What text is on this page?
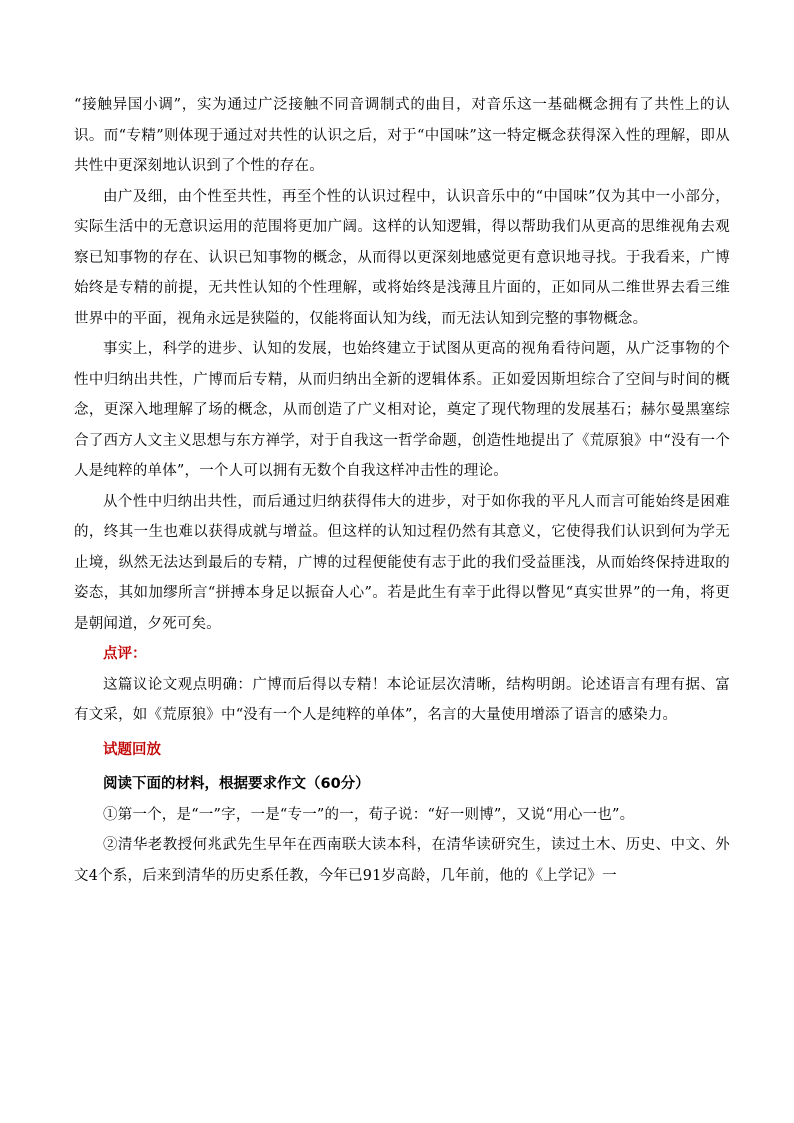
“接触异国小调”，实为通过广泛接触不同音调制式的曲目，对音乐这一基础概念拥有了共性上的认识。而“专精”则体现于通过对共性的认识之后，对于“中国味”这一特定概念获得深入性的理解，即从共性中更深刻地认识到了个性的存在。

由广及细，由个性至共性，再至个性的认识过程中，认识音乐中的“中国味”仅为其中一小部分，实际生活中的无意识运用的范围将更加广阔。这样的认知逻辑，得以帮助我们从更高的思维视角去观察已知事物的存在、认识已知事物的概念，从而得以更深刻地感觉更有意识地寻找。于我看来，广博始终是专精的前提，无共性认知的个性理解，或将始终是浅薄且片面的，正如同从二维世界去看三维世界中的平面，视角永远是狭隘的，仅能将面认知为线，而无法认知到完整的事物概念。

事实上，科学的进步、认知的发展，也始终建立于试图从更高的视角看待问题，从广泛事物的个性中归纳出共性，广博而后专精，从而归纳出全新的逻辑体系。正如爱因斯坦综合了空间与时间的概念，更深入地理解了场的概念，从而创造了广义相对论，奠定了现代物理的发展基石；赫尔曼黑塞综合了西方人文主义思想与东方禅学，对于自我这一哲学命题，创造性地提出了《荒原狼》中“没有一个人是纯粹的单体”，一个人可以拥有无数个自我这样冲击性的理论。

从个性中归纳出共性，而后通过归纳获得伟大的进步，对于如你我的平凡人而言可能始终是困难的，终其一生也难以获得成就与增益。但这样的认知过程仍然有其意义，它使得我们认识到何为学无止境，纵然无法达到最后的专精，广博的过程便能使有志于此的我们受益匪浅，从而始终保持进取的姿态，其如加缪所言“拼搏本身足以振奋人心”。若是此生有幸于此得以瞥见“真实世界”的一角，将更是朝闻道，夕死可矣。

点评：

这篇议论文观点明确：广博而后得以专精！本论证层次清晰，结构明朗。论述语言有理有据、富有文采，如《荒原狼》中“没有一个人是纯粹的单体”，名言的大量使用增添了语言的感染力。

试题回放

阅读下面的材料，根据要求作文（60分）

①第一个，是“一”字，一是“专一”的一，荀子说：“好一则博”，又说“用心一也”。

②清华老教授何兆武先生早年在西南联大读本科，在清华读研究生，读过土木、历史、中文、外文4个系，后来到清华的历史系任教，今年已91岁高龄，几年前，他的《上学记》一
